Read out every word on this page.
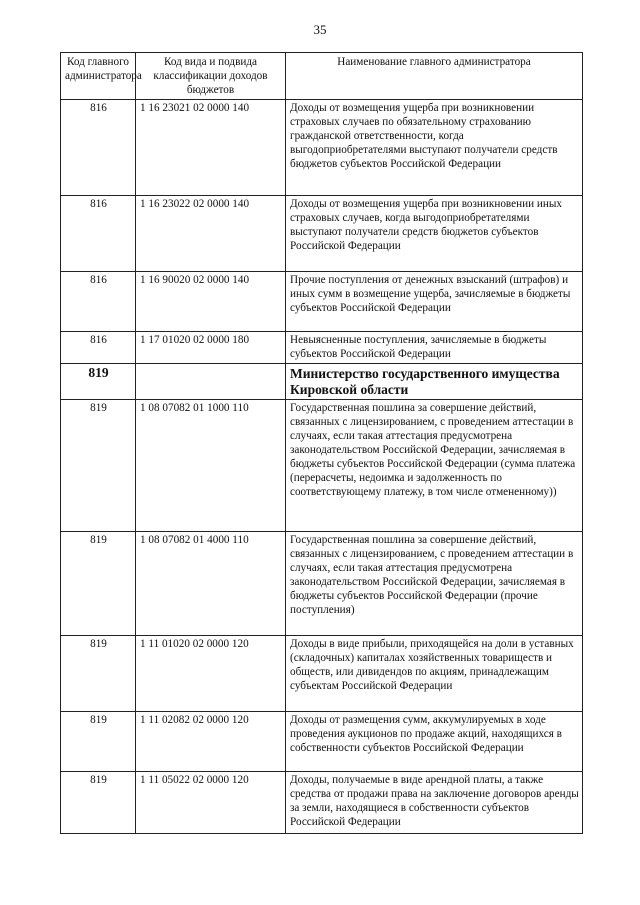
35
Код главного администратора	Код вида и подвида классификации доходов бюджетов	Наименование главного администратора
816	1 16 23021 02 0000 140	Доходы от возмещения ущерба при возникновении страховых случаев по обязательному страхованию гражданской ответственности, когда выгодоприобретателями выступают получатели средств бюджетов субъектов Российской Федерации
816	1 16 23022 02 0000 140	Доходы от возмещения ущерба при возникновении иных страховых случаев, когда выгодоприобретателями выступают получатели средств бюджетов субъектов Российской Федерации
816	1 16 90020 02 0000 140	Прочие поступления от денежных взысканий (штрафов) и иных сумм в возмещение ущерба, зачисляемые в бюджеты субъектов Российской Федерации
816	1 17 01020 02 0000 180	Невыясненные поступления, зачисляемые в бюджеты субъектов Российской Федерации
819		Министерство государственного имущества Кировской области
819	1 08 07082 01 1000 110	Государственная пошлина за совершение действий, связанных с лицензированием, с проведением аттестации в случаях, если такая аттестация предусмотрена законодательством Российской Федерации, зачисляемая в бюджеты субъектов Российской Федерации (сумма платежа (перерасчеты, недоимка и задолженность по соответствующему платежу, в том числе отмененному))
819	1 08 07082 01 4000 110	Государственная пошлина за совершение действий, связанных с лицензированием, с проведением аттестации в случаях, если такая аттестация предусмотрена законодательством Российской Федерации, зачисляемая в бюджеты субъектов Российской Федерации (прочие поступления)
819	1 11 01020 02 0000 120	Доходы в виде прибыли, приходящейся на доли в уставных (складочных) капиталах хозяйственных товариществ и обществ, или дивидендов по акциям, принадлежащим субъектам Российской Федерации
819	1 11 02082 02 0000 120	Доходы от размещения сумм, аккумулируемых в ходе проведения аукционов по продаже акций, находящихся в собственности субъектов Российской Федерации
819	1 11 05022 02 0000 120	Доходы, получаемые в виде арендной платы, а также средства от продажи права на заключение договоров аренды за земли, находящиеся в собственности субъектов Российской Федерации
